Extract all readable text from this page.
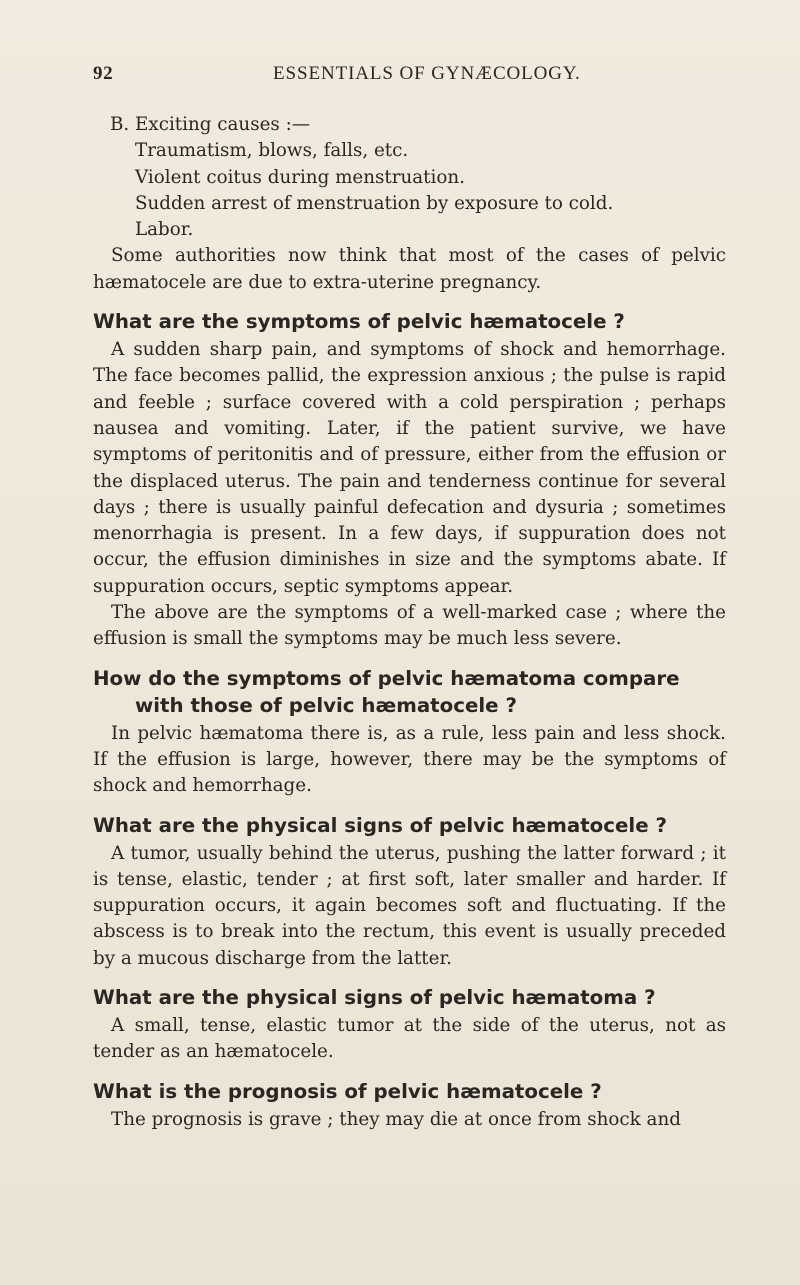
92	ESSENTIALS OF GYNÆCOLOGY.

B. Exciting causes :—

Traumatism, blows, falls, etc.
Violent coitus during menstruation.
Sudden arrest of menstruation by exposure to cold.
Labor.

Some authorities now think that most of the cases of pelvic hæmatocele are due to extra-uterine pregnancy.

What are the symptoms of pelvic hæmatocele ?

A sudden sharp pain, and symptoms of shock and hemorrhage. The face becomes pallid, the expression anxious ; the pulse is rapid and feeble ; surface covered with a cold perspiration ; perhaps nausea and vomiting. Later, if the patient survive, we have symptoms of peritonitis and of pressure, either from the effusion or the displaced uterus. The pain and tenderness continue for several days ; there is usually painful defecation and dysuria ; sometimes menorrhagia is present. In a few days, if suppuration does not occur, the effusion diminishes in size and the symptoms abate. If suppuration occurs, septic symptoms appear.

The above are the symptoms of a well-marked case ; where the effusion is small the symptoms may be much less severe.

How do the symptoms of pelvic hæmatoma compare with those of pelvic hæmatocele ?

In pelvic hæmatoma there is, as a rule, less pain and less shock. If the effusion is large, however, there may be the symptoms of shock and hemorrhage.

What are the physical signs of pelvic hæmatocele ?

A tumor, usually behind the uterus, pushing the latter forward ; it is tense, elastic, tender ; at first soft, later smaller and harder. If suppuration occurs, it again becomes soft and fluctuating. If the abscess is to break into the rectum, this event is usually preceded by a mucous discharge from the latter.

What are the physical signs of pelvic hæmatoma ?

A small, tense, elastic tumor at the side of the uterus, not as tender as an hæmatocele.

What is the prognosis of pelvic hæmatocele ?

The prognosis is grave ; they may die at once from shock and
